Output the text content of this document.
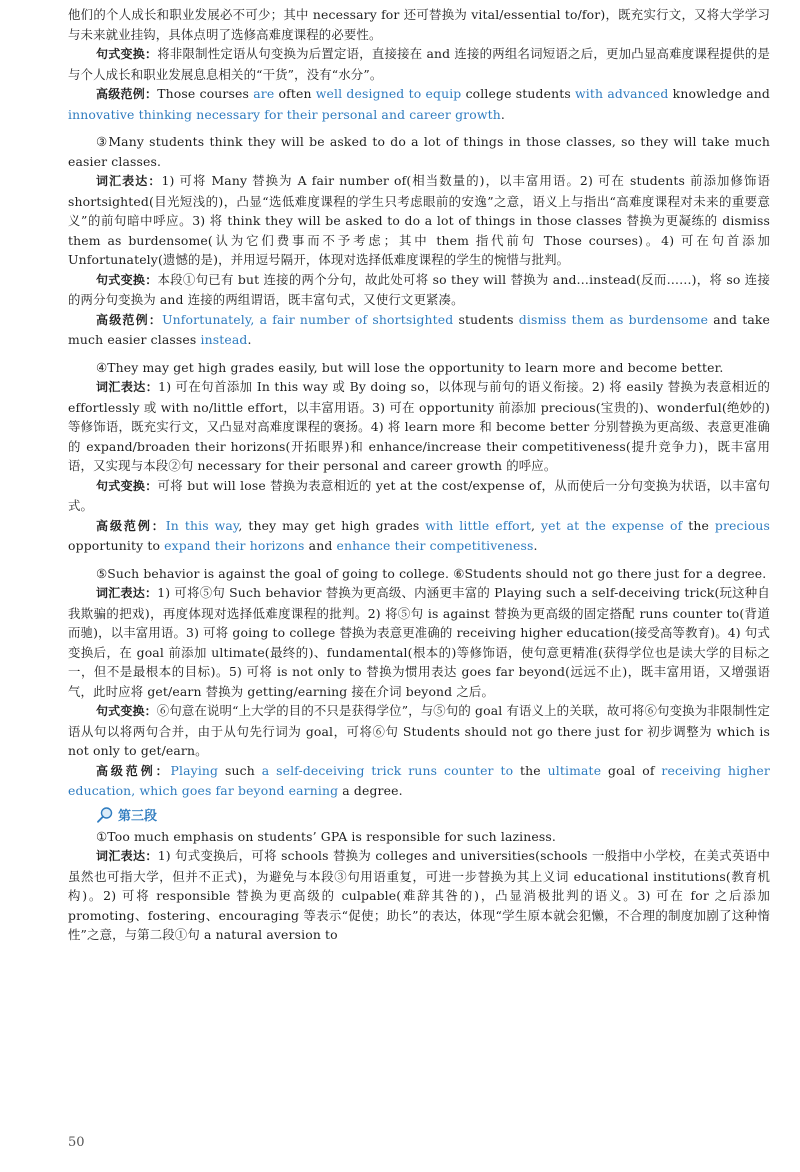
他们的个人成长和职业发展必不可少；其中 necessary for 还可替换为 vital/essential to/for)，既充实行文，又将大学学习与未来就业挂钩，具体点明了选修高难度课程的必要性。

句式变换：将非限制性定语从句变换为后置定语，直接接在 and 连接的两组名词短语之后，更加凸显高难度课程提供的是与个人成长和职业发展息息相关的“干货”，没有“水分”。

高级范例：Those courses are often well designed to equip college students with advanced knowledge and innovative thinking necessary for their personal and career growth.

③Many students think they will be asked to do a lot of things in those classes, so they will take much easier classes.

词汇表达：1) 可将 Many 替换为 A fair number of(相当数量的)，以丰富用语。2) 可在 students 前添加修饰语 shortsighted(目光短浅的)，凸显“选低难度课程的学生只考虑眼前的安逸”之意，语义上与指出“高难度课程对未来的重要意义”的前句暗中呼应。3) 将 think they will be asked to do a lot of things in those classes 替换为更凝练的 dismiss them as burdensome(认为它们费事而不予考虑；其中 them 指代前句 Those courses)。4) 可在句首添加 Unfortunately(遗憾的是)，并用逗号隔开，体现对选择低难度课程的学生的惋惜与批判。

句式变换：本段①句已有 but 连接的两个分句，故此处可将 so they will 替换为 and…instead(反而……)，将 so 连接的两分句变换为 and 连接的两组谓语，既丰富句式，又使行文更紧凑。

高级范例：Unfortunately, a fair number of shortsighted students dismiss them as burdensome and take much easier classes instead.

④They may get high grades easily, but will lose the opportunity to learn more and become better.

词汇表达：1) 可在句首添加 In this way 或 By doing so，以体现与前句的语义衔接。2) 将 easily 替换为表意相近的 effortlessly 或 with no/little effort，以丰富用语。3) 可在 opportunity 前添加 precious(宝贵的)、wonderful(绝妙的)等修饰语，既充实行文，又凸显对高难度课程的褒扬。4) 将 learn more 和 become better 分别替换为更高级、表意更准确的 expand/broaden their horizons(开拓眼界)和 enhance/increase their competitiveness(提升竞争力)，既丰富用语，又实现与本段②句 necessary for their personal and career growth 的呼应。

句式变换：可将 but will lose 替换为表意相近的 yet at the cost/expense of，从而使后一分句变换为状语，以丰富句式。

高级范例：In this way, they may get high grades with little effort, yet at the expense of the precious opportunity to expand their horizons and enhance their competitiveness.

⑤Such behavior is against the goal of going to college. ⑥Students should not go there just for a degree.

词汇表达：1) 可将⑤句 Such behavior 替换为更高级、内涵更丰富的 Playing such a self-deceiving trick(玩这种自我欺骗的把戏)，再度体现对选择低难度课程的批判。2) 将⑤句 is against 替换为更高级的固定搭配 runs counter to(背道而驰)，以丰富用语。3) 可将 going to college 替换为表意更准确的 receiving higher education(接受高等教育)。4) 句式变换后，在 goal 前添加 ultimate(最终的)、fundamental(根本的)等修饰语，使句意更精准(获得学位也是读大学的目标之一，但不是最根本的目标)。5) 可将 is not only to 替换为惯用表达 goes far beyond(远远不止)，既丰富用语，又增强语气，此时应将 get/earn 替换为 getting/earning 接在介词 beyond 之后。

句式变换：⑥句意在说明“上大学的目的不只是获得学位”，与⑤句的 goal 有语义上的关联，故可将⑥句变换为非限制性定语从句以将两句合并，由于从句先行词为 goal，可将⑥句 Students should not go there just for 初步调整为 which is not only to get/earn。

高级范例：Playing such a self-deceiving trick runs counter to the ultimate goal of receiving higher education, which goes far beyond earning a degree.

第三段

①Too much emphasis on students’ GPA is responsible for such laziness.

词汇表达：1) 句式变换后，可将 schools 替换为 colleges and universities(schools 一般指中小学校，在美式英语中虽然也可指大学，但并不正式)，为避免与本段③句用语重复，可进一步替换为其上义词 educational institutions(教育机构)。2) 可将 responsible 替换为更高级的 culpable(难辞其咎的)，凸显消极批判的语义。3) 可在 for 之后添加 promoting、fostering、encouraging 等表示“促使；助长”的表达，体现“学生原本就会犯懒，不合理的制度加剧了这种惰性”之意，与第二段①句 a natural aversion to

50
